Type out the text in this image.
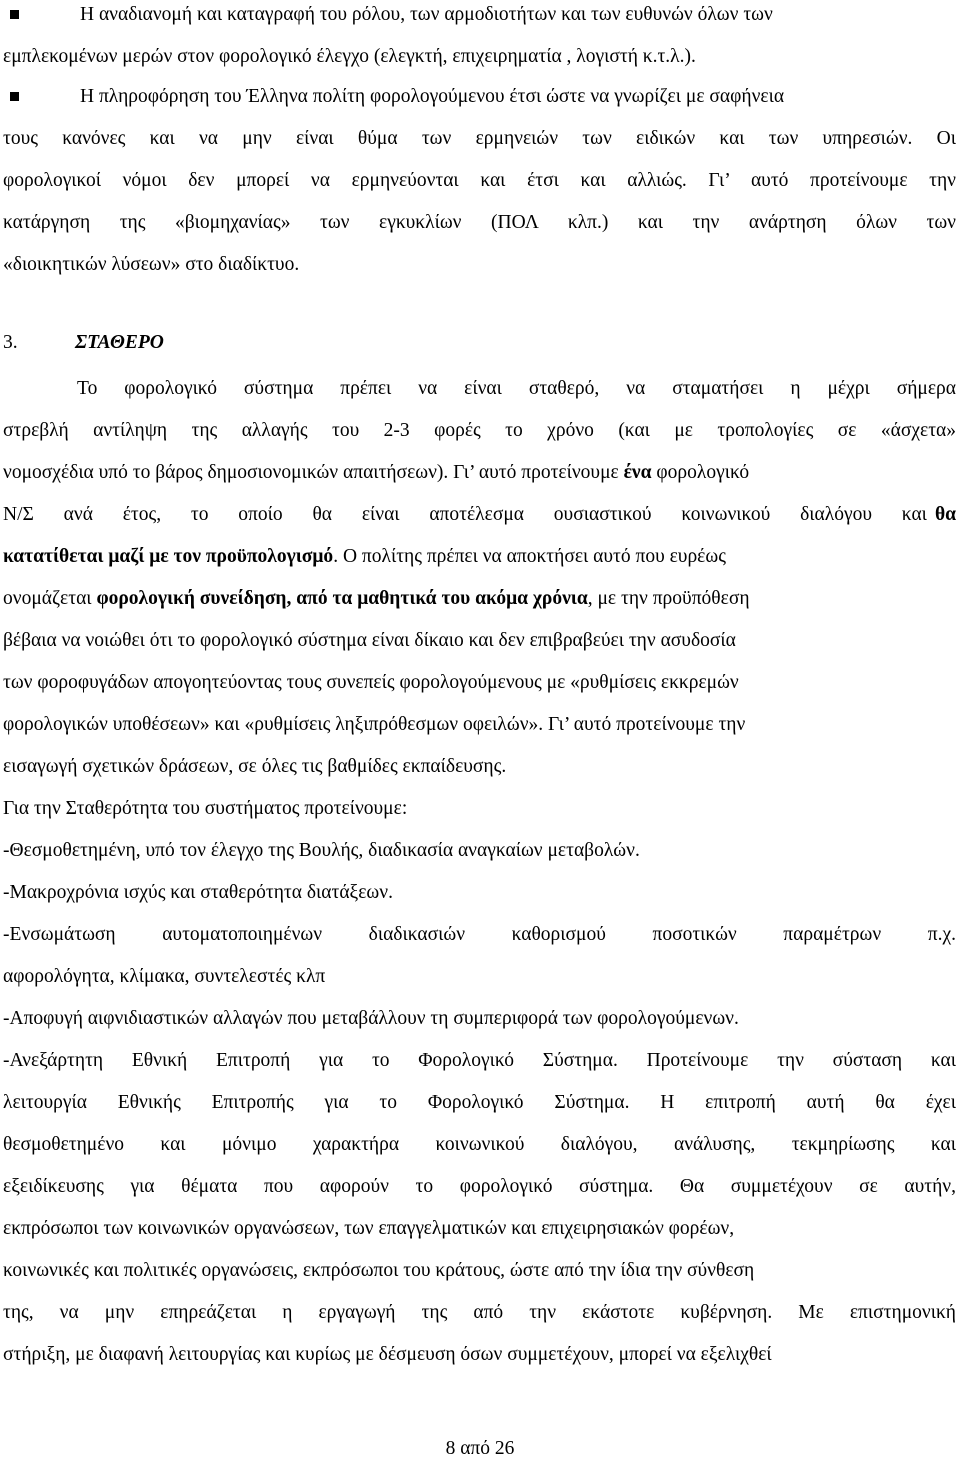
Η αναδιανομή και καταγραφή του ρόλου, των αρμοδιοτήτων και των ευθυνών όλων των
εμπλεκομένων μερών στον φορολογικό έλεγχο (ελεγκτή, επιχειρηματία , λογιστή κ.τ.λ.).
Η πληροφόρηση του Έλληνα πολίτη φορολογούμενου έτσι ώστε να γνωρίζει με σαφήνεια
τους κανόνες και να μην είναι θύμα των ερμηνειών των ειδικών και των υπηρεσιών. Οι
φορολογικοί νόμοι δεν μπορεί να ερμηνεύονται και έτσι και αλλιώς. Γι’ αυτό προτείνουμε την
κατάργηση της «βιομηχανίας» των εγκυκλίων (ΠΟΛ κλπ.) και την ανάρτηση όλων των
«διοικητικών λύσεων» στο διαδίκτυο.
3.	ΣΤΑΘΕΡΟ
Το φορολογικό σύστημα πρέπει να είναι σταθερό, να σταματήσει η μέχρι σήμερα
στρεβλή αντίληψη της αλλαγής του 2-3 φορές το χρόνο (και με τροπολογίες σε «άσχετα»
νομοσχέδια υπό το βάρος δημοσιονομικών απαιτήσεων). Γι’ αυτό προτείνουμε ένα φορολογικό
Ν/Σ ανά έτος, το οποίο θα είναι αποτέλεσμα ουσιαστικού κοινωνικού διαλόγου και θα
κατατίθεται μαζί με τον προϋπολογισμό. Ο πολίτης πρέπει να αποκτήσει αυτό που ευρέως
ονομάζεται φορολογική συνείδηση, από τα μαθητικά του ακόμα χρόνια, με την προϋπόθεση
βέβαια να νοιώθει ότι το φορολογικό σύστημα είναι δίκαιο και δεν επιβραβεύει την ασυδοσία
των φοροφυγάδων απογοητεύοντας τους συνεπείς φορολογούμενους με «ρυθμίσεις εκκρεμών
φορολογικών υποθέσεων» και «ρυθμίσεις ληξιπρόθεσμων οφειλών». Γι’ αυτό προτείνουμε την
εισαγωγή σχετικών δράσεων, σε όλες τις βαθμίδες εκπαίδευσης.
Για την Σταθερότητα του συστήματος προτείνουμε:
-Θεσμοθετημένη, υπό τον έλεγχο της Βουλής, διαδικασία αναγκαίων μεταβολών.
-Μακροχρόνια ισχύς και σταθερότητα διατάξεων.
-Ενσωμάτωση αυτοματοποιημένων διαδικασιών καθορισμού ποσοτικών παραμέτρων π.χ.
αφορολόγητα, κλίμακα, συντελεστές κλπ
-Αποφυγή αιφνιδιαστικών αλλαγών που μεταβάλλουν τη συμπεριφορά των φορολογούμενων.
-Ανεξάρτητη Εθνική Επιτροπή για το Φορολογικό Σύστημα. Προτείνουμε την σύσταση και
λειτουργία Εθνικής Επιτροπής για το Φορολογικό Σύστημα. Η επιτροπή αυτή θα έχει
θεσμοθετημένο και μόνιμο χαρακτήρα κοινωνικού διαλόγου, ανάλυσης, τεκμηρίωσης και
εξειδίκευσης για θέματα που αφορούν το φορολογικό σύστημα. Θα συμμετέχουν σε αυτήν,
εκπρόσωποι των κοινωνικών οργανώσεων, των επαγγελματικών και επιχειρησιακών φορέων,
κοινωνικές και πολιτικές οργανώσεις, εκπρόσωποι του κράτους, ώστε από την ίδια την σύνθεση
της, να μην επηρεάζεται η εργαγωγή της από την εκάστοτε κυβέρνηση. Με επιστημονική
στήριξη, με διαφανή λειτουργίας και κυρίως με δέσμευση όσων συμμετέχουν, μπορεί να εξελιχθεί
8 από 26
